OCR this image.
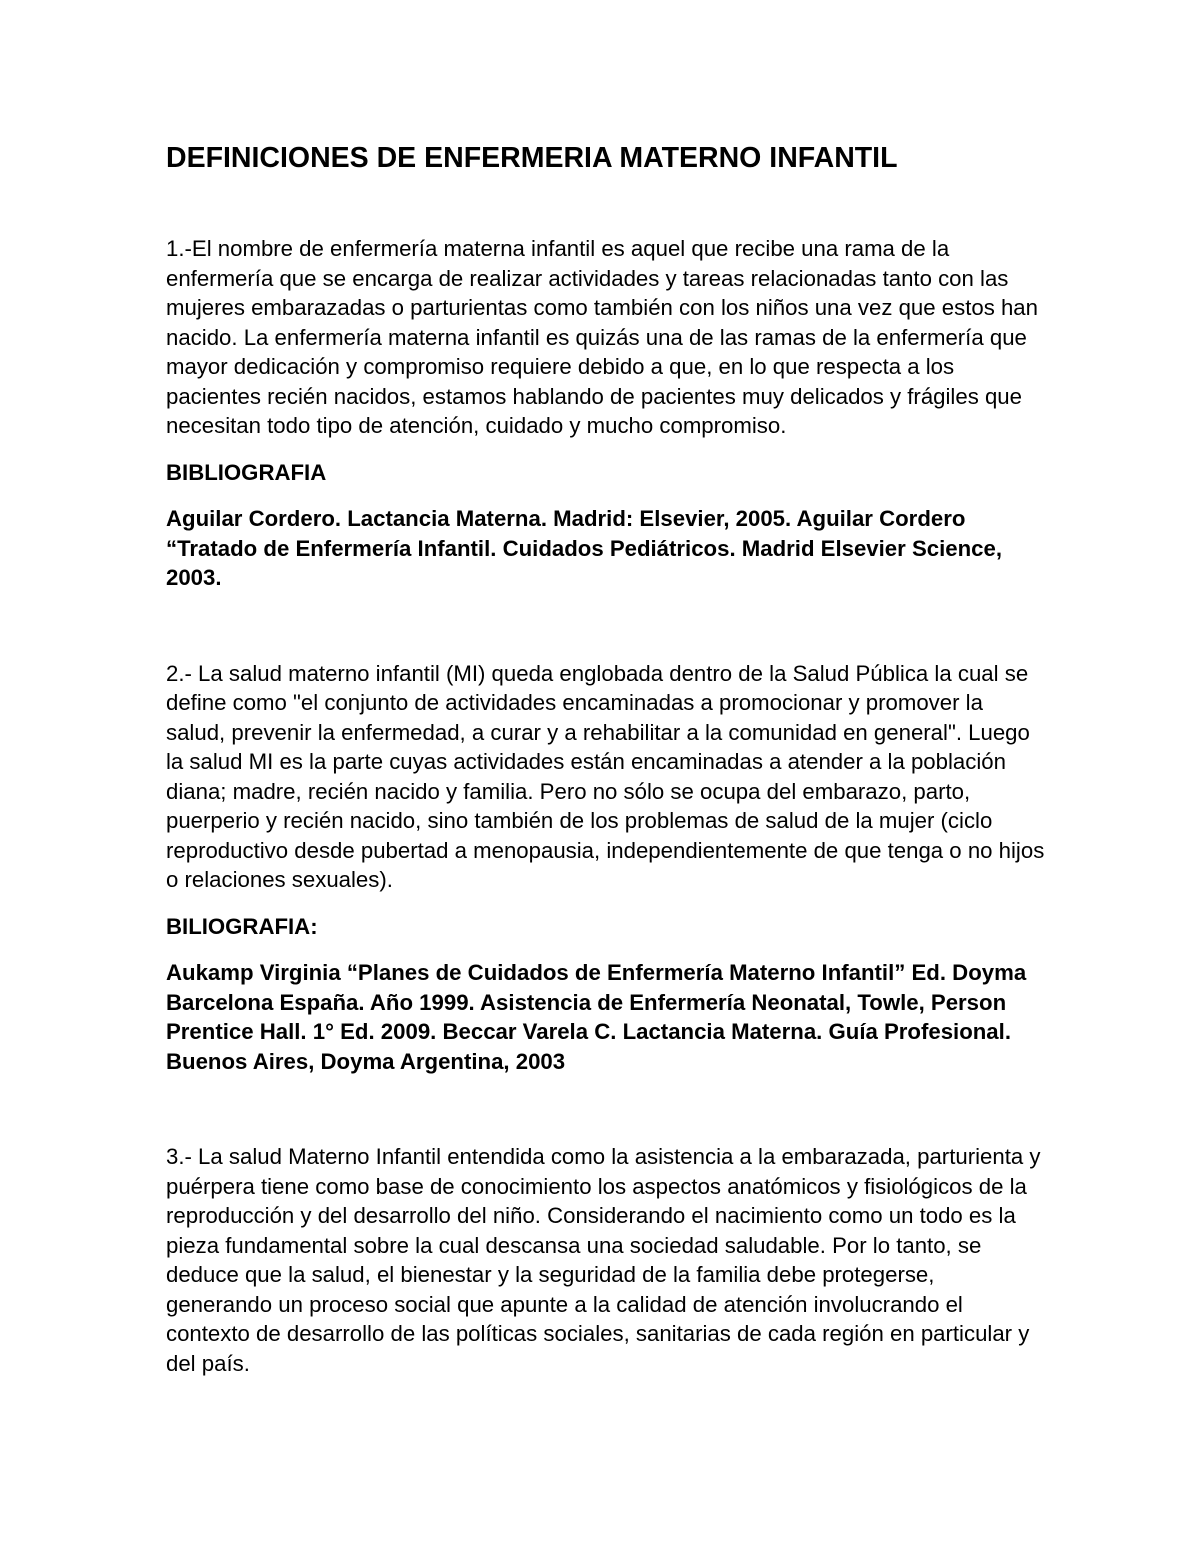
DEFINICIONES DE ENFERMERIA MATERNO INFANTIL

1.-El nombre de enfermería materna infantil es aquel que recibe una rama de la enfermería que se encarga de realizar actividades y tareas relacionadas tanto con las mujeres embarazadas o parturientas como también con los niños una vez que estos han nacido. La enfermería materna infantil es quizás una de las ramas de la enfermería que mayor dedicación y compromiso requiere debido a que, en lo que respecta a los pacientes recién nacidos, estamos hablando de pacientes muy delicados y frágiles que necesitan todo tipo de atención, cuidado y mucho compromiso.

BIBLIOGRAFIA

Aguilar Cordero. Lactancia Materna. Madrid: Elsevier, 2005. Aguilar Cordero “Tratado de Enfermería Infantil. Cuidados Pediátricos. Madrid Elsevier Science, 2003.

2.- La salud materno infantil (MI) queda englobada dentro de la Salud Pública la cual se define como "el conjunto de actividades encaminadas a promocionar y promover la salud, prevenir la enfermedad, a curar y a rehabilitar a la comunidad en general". Luego la salud MI es la parte cuyas actividades están encaminadas a atender a la población diana; madre, recién nacido y familia. Pero no sólo se ocupa del embarazo, parto, puerperio y recién nacido, sino también de los problemas de salud de la mujer (ciclo reproductivo desde pubertad a menopausia, independientemente de que tenga o no hijos o relaciones sexuales).

BILIOGRAFIA:

Aukamp Virginia “Planes de Cuidados de Enfermería Materno Infantil” Ed. Doyma Barcelona España. Año 1999. Asistencia de Enfermería Neonatal, Towle, Person Prentice Hall. 1° Ed. 2009. Beccar Varela C. Lactancia Materna. Guía Profesional. Buenos Aires, Doyma Argentina, 2003

3.- La salud Materno Infantil entendida como la asistencia a la embarazada, parturienta y puérpera tiene como base de conocimiento los aspectos anatómicos y fisiológicos de la reproducción y del desarrollo del niño. Considerando el nacimiento como un todo es la pieza fundamental sobre la cual descansa una sociedad saludable. Por lo tanto, se deduce que la salud, el bienestar y la seguridad de la familia debe protegerse, generando un proceso social que apunte a la calidad de atención involucrando el contexto de desarrollo de las políticas sociales, sanitarias de cada región en particular y del país.
